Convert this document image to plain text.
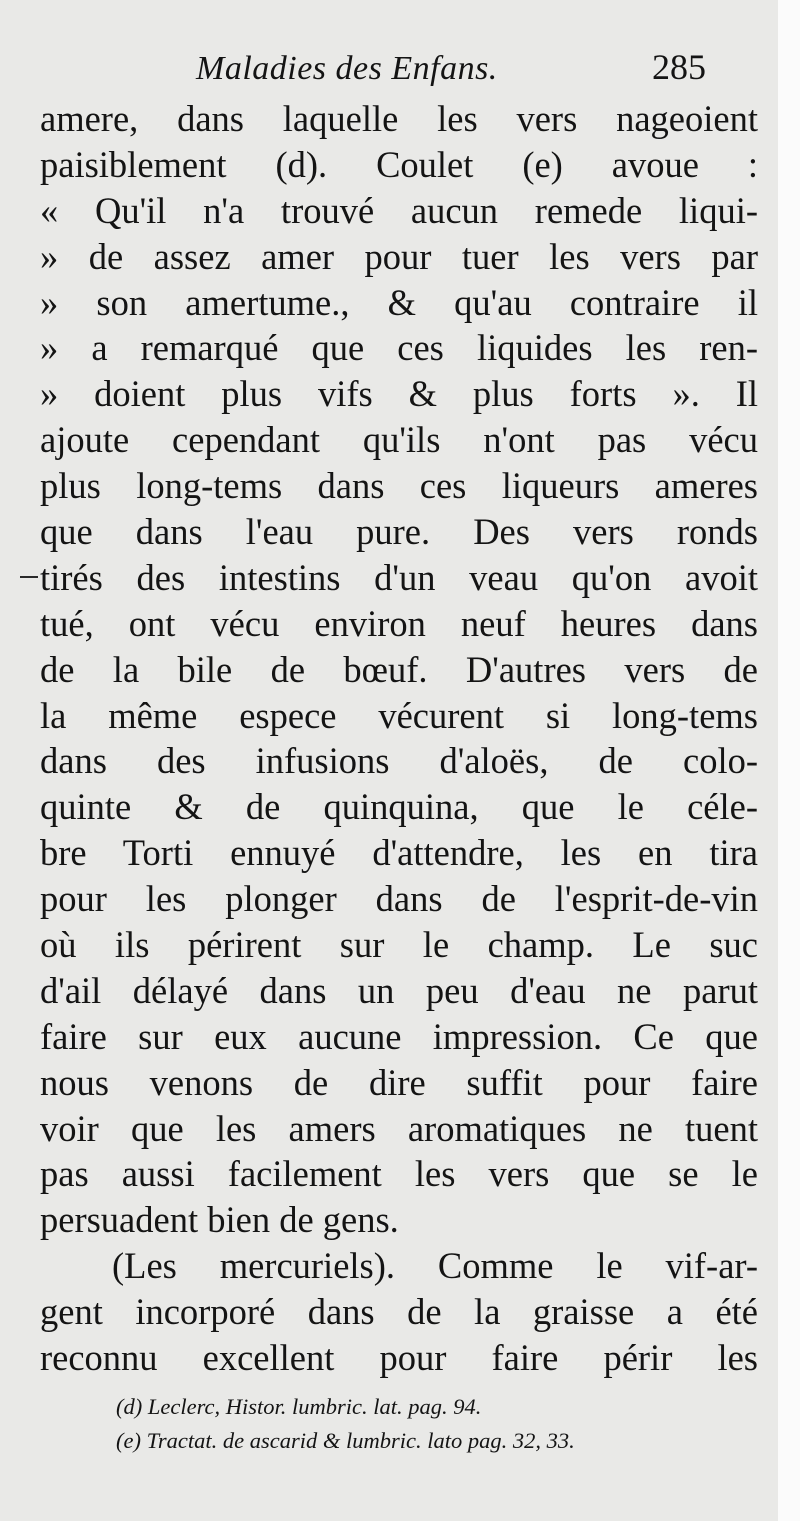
Maladies des Enfans.	285
amere, dans laquelle les vers nageoient
paisiblement (d). Coulet (e) avoue :
« Qu'il n'a trouvé aucun remede liqui-
» de assez amer pour tuer les vers par
» son amertume., & qu'au contraire il
» a remarqué que ces liquides les ren-
» doient plus vifs & plus forts ». Il
ajoute cependant qu'ils n'ont pas vécu
plus long-tems dans ces liqueurs ameres
que dans l'eau pure. Des vers ronds
tirés des intestins d'un veau qu'on avoit
tué, ont vécu environ neuf heures dans
de la bile de bœuf. D'autres vers de
la même espece vécurent si long-tems
dans des infusions d'aloës, de colo-
quinte & de quinquina, que le céle-
bre Torti ennuyé d'attendre, les en tira
pour les plonger dans de l'esprit-de-vin
où ils périrent sur le champ. Le suc
d'ail délayé dans un peu d'eau ne parut
faire sur eux aucune impression. Ce que
nous venons de dire suffit pour faire
voir que les amers aromatiques ne tuent
pas aussi facilement les vers que se le
persuadent bien de gens.
(Les mercuriels). Comme le vif-ar-
gent incorporé dans de la graisse a été
reconnu excellent pour faire périr les
(d) Leclerc, Histor. lumbric. lat. pag. 94.
(e) Tractat. de ascarid & lumbric. lato pag. 32, 33.
